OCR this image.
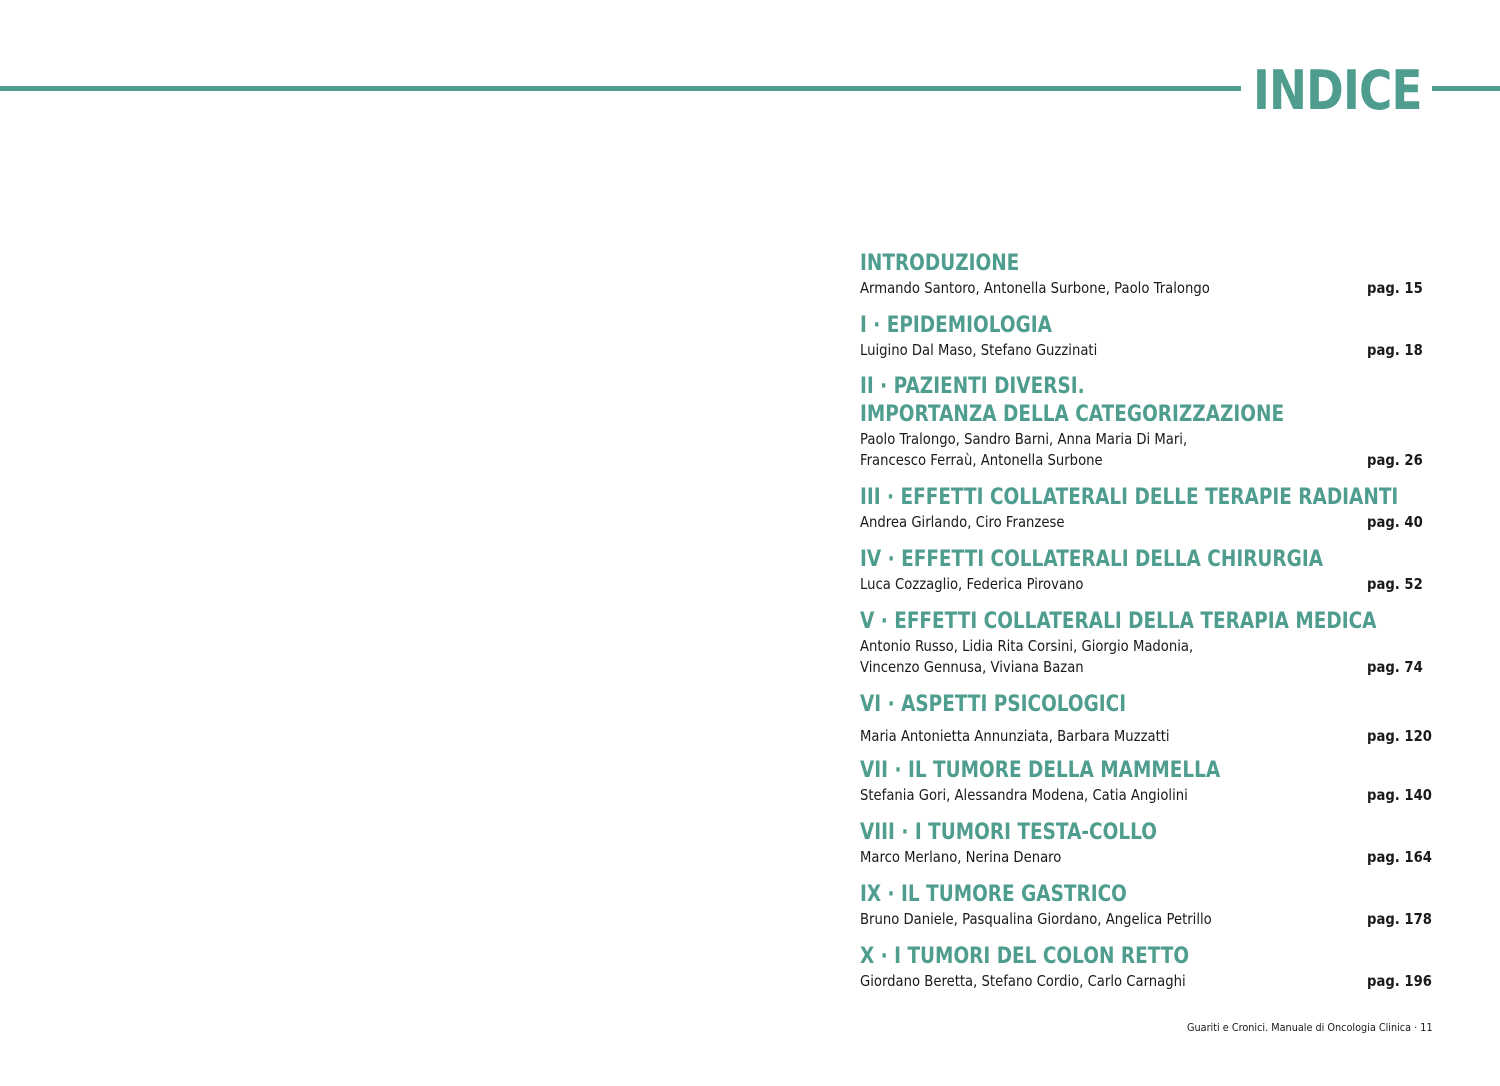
INDICE
INTRODUZIONE
Armando Santoro, Antonella Surbone, Paolo Tralongo	pag. 15
I · EPIDEMIOLOGIA
Luigino Dal Maso, Stefano Guzzinati	pag. 18
II · PAZIENTI DIVERSI.
IMPORTANZA DELLA CATEGORIZZAZIONE
Paolo Tralongo, Sandro Barni, Anna Maria Di Mari,
Francesco Ferraù, Antonella Surbone	pag. 26
III · EFFETTI COLLATERALI DELLE TERAPIE RADIANTI
Andrea Girlando, Ciro Franzese	pag. 40
IV · EFFETTI COLLATERALI DELLA CHIRURGIA
Luca Cozzaglio, Federica Pirovano	pag. 52
V · EFFETTI COLLATERALI DELLA TERAPIA MEDICA
Antonio Russo, Lidia Rita Corsini, Giorgio Madonia,
Vincenzo Gennusa, Viviana Bazan	pag. 74
VI · ASPETTI PSICOLOGICI
Maria Antonietta Annunziata, Barbara Muzzatti	pag. 120
VII · IL TUMORE DELLA MAMMELLA
Stefania Gori, Alessandra Modena, Catia Angiolini	pag. 140
VIII · I TUMORI TESTA-COLLO
Marco Merlano, Nerina Denaro	pag. 164
IX · IL TUMORE GASTRICO
Bruno Daniele, Pasqualina Giordano, Angelica Petrillo	pag. 178
X · I TUMORI DEL COLON RETTO
Giordano Beretta, Stefano Cordio, Carlo Carnaghi	pag. 196
Guariti e Cronici. Manuale di Oncologia Clinica · 11
